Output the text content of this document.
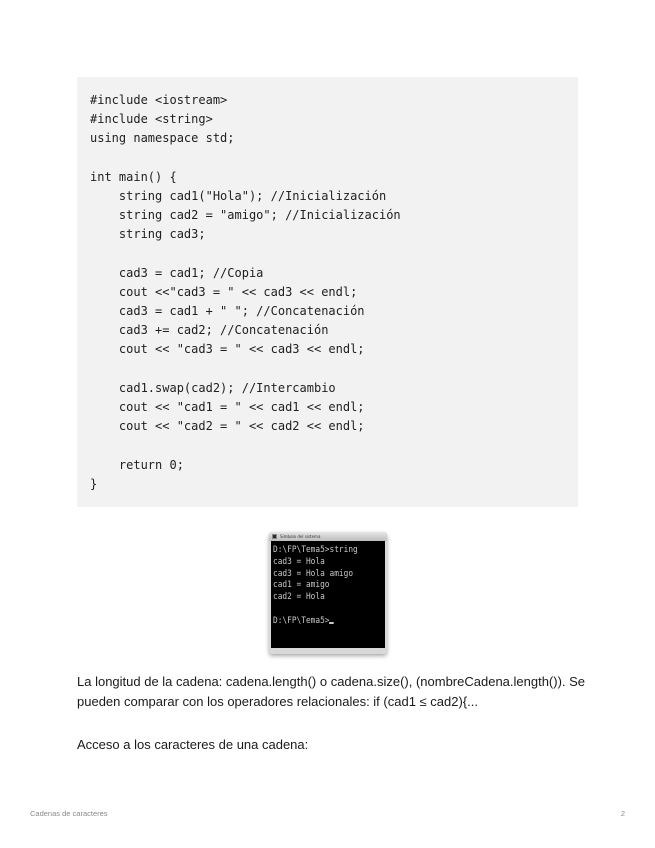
#include <iostream>
#include <string>
using namespace std;
int main() {
string cad1("Hola"); //Inicialización
string cad2 = "amigo"; //Inicialización
string cad3;
cad3 = cad1; //Copia
cout <<"cad3 = " << cad3 << endl;
cad3 = cad1 + " "; //Concatenación
cad3 += cad2; //Concatenación
cout << "cad3 = " << cad3 << endl;
cad1.swap(cad2); //Intercambio
cout << "cad1 = " << cad1 << endl;
cout << "cad2 = " << cad2 << endl;
return 0;
}
Símbolo del sistema
D:\FP\Tema5>string
cad3 = Hola
cad3 = Hola amigo
cad1 = amigo
cad2 = Hola
D:\FP\Tema5>

La longitud de la cadena: cadena.length() o cadena.size(), (nombreCadena.length()). Se pueden comparar con los operadores relacionales: if (cad1 ≤ cad2){...

Acceso a los caracteres de una cadena:

Cadenas de caracteres	2
